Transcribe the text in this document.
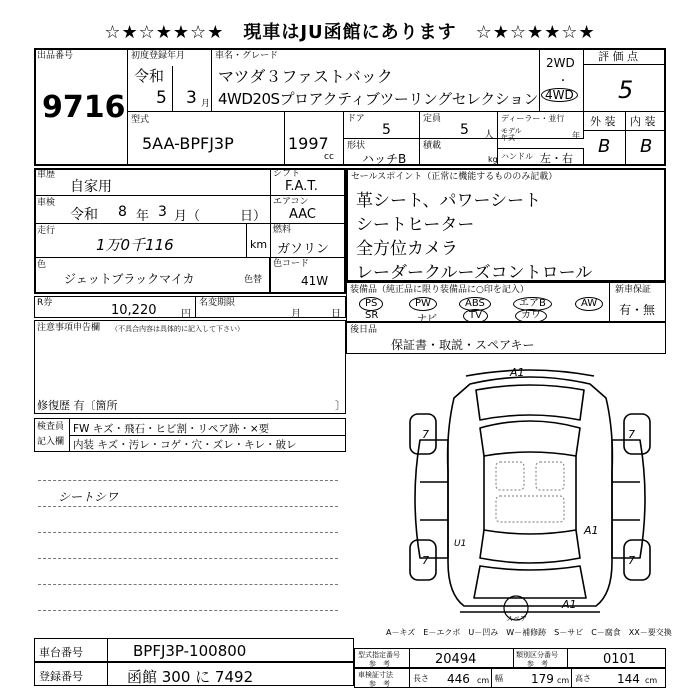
☆★☆★★☆★　現車はJU函館にあります　☆★☆★★☆★
出品番号
9716
初度登録年月
令和
5 3 月
車名・グレード
マツダ３ファストバック
4WD20Sプロアクティブツーリングセレクション
2WD
・
4WD
評 価 点
5
型式
5AA-BPFJ3P	1997
cc
ドア
5
定員
5 人
ディーラー・並行
形状
ハッチB
積載
kg
モデル年式	年
ハンドル 左・右
外 装 内 装
B B
車歴
自家用
車検
令和 8 年 3 月（	日）
走行
1万0千116	km
色
ジェットブラックマイカ	色替
シフト
F.A.T.
エアコン
AAC
燃料
ガソリン
色コード
41W
R券	10,220 円
名変期限
月	日
注意事項申告欄 （不具合内容は具体的に記入して下さい）
修復歴 有〔箇所	〕
セールスポイント（正常に機能するもののみ記載）
革シート、パワーシート
シートヒーター
全方位カメラ
レーダークルーズコントロール
装備品（純正品に限り装備品に○印を記入）
PS	PW	ABS	エアB	AW
SR	ナビ	TV	カワ
新車保証
有・無
後日品
保証書・取説・スペアキー
検査員
記入欄
FW キズ・飛石・ヒビ割・リペア跡・×要
内装 キズ・汚レ・コゲ・穴・ズレ・キレ・破レ
シートシワ
A1
7	7
A1
U1
7	7
A1
スペア
A－キズ　E－エクボ　U－凹み　W－補修跡　S－サビ　C－腐食　XX－要交換
車台番号	BPFJ3P-100800
登録番号	函館 300 に 7492
型式指定番号
参　考	20494	類別区分番号
参　考	0101
車検証寸法
参　考
長さ 446 cm 幅 179 cm 高さ 144 cm
